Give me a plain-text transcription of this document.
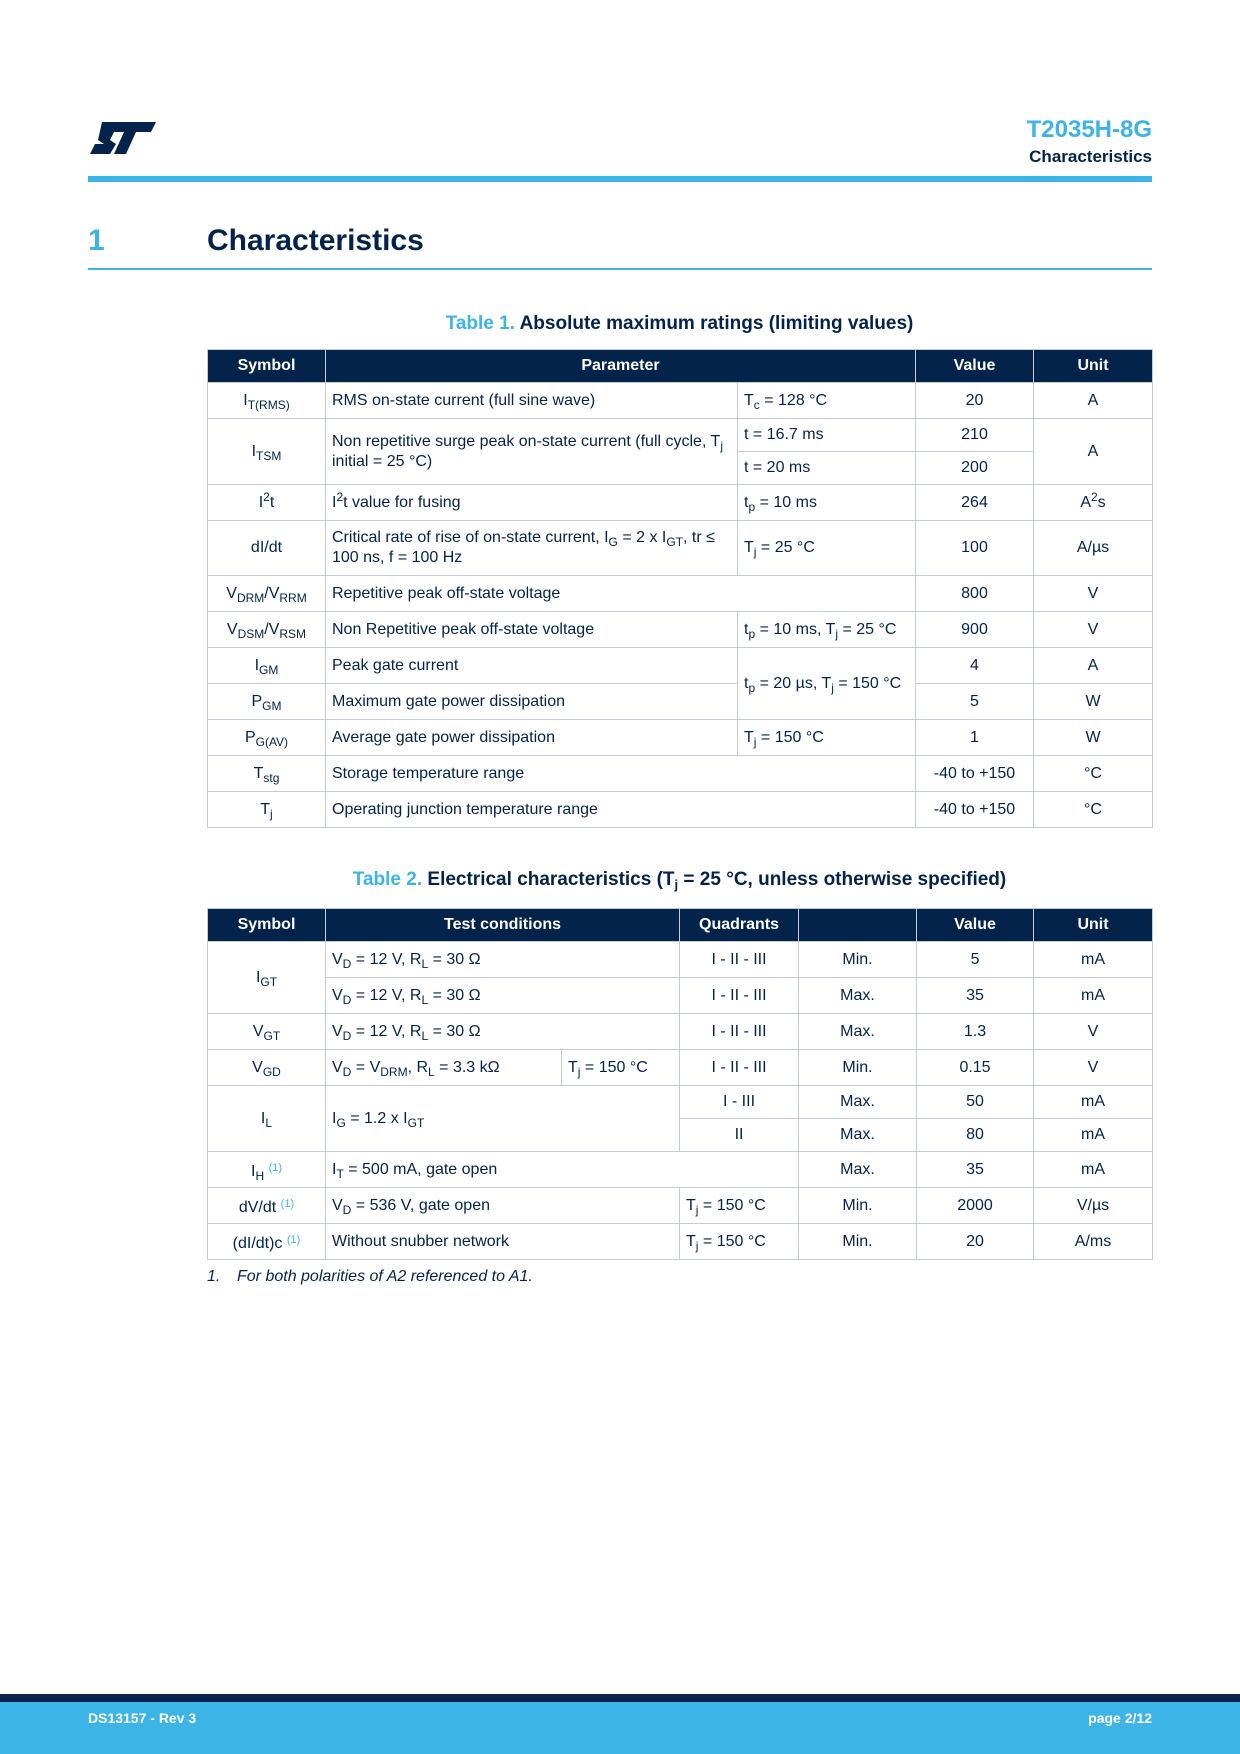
T2035H-8G
Characteristics
1	Characteristics
Table 1. Absolute maximum ratings (limiting values)
Symbol	Parameter		Value	Unit
$I_{T(RMS)}$	RMS on-state current (full sine wave)	$T_c = 128$ °C	20	A
$I_{TSM}$	Non repetitive surge peak on-state current (full cycle, $T_j$ initial = 25 °C)	t = 16.7 ms	210	A
		t = 20 ms	200	
$I^2t$	$I^2t$ value for fusing	$t_p = 10$ ms	264	$A^2s$
dI/dt	Critical rate of rise of on-state current, $I_G = 2$ x $I_{GT}$, tr ≤ 100 ns, f = 100 Hz	$T_j = 25$ °C	100	A/µs
$V_{DRM}/V_{RRM}$	Repetitive peak off-state voltage		800	V
$V_{DSM}/V_{RSM}$	Non Repetitive peak off-state voltage	$t_p = 10$ ms, $T_j = 25$ °C	900	V
$I_{GM}$	Peak gate current	$t_p = 20$ µs, $T_j = 150$ °C	4	A
$P_{GM}$	Maximum gate power dissipation		5	W
$P_{G(AV)}$	Average gate power dissipation	$T_j = 150$ °C	1	W
$T_{stg}$	Storage temperature range		-40 to +150	°C
$T_j$	Operating junction temperature range		-40 to +150	°C
Table 2. Electrical characteristics ($T_j = 25$ °C, unless otherwise specified)
Symbol	Test conditions		Quadrants		Value	Unit
$I_{GT}$	$V_D = 12$ V, $R_L = 30$ Ω		I - II - III	Min.	5	mA
	$V_D = 12$ V, $R_L = 30$ Ω		I - II - III	Max.	35	mA
$V_{GT}$	$V_D = 12$ V, $R_L = 30$ Ω		I - II - III	Max.	1.3	V
$V_{GD}$	$V_D = V_{DRM}$, $R_L = 3.3$ kΩ	$T_j = 150$ °C	I - II - III	Min.	0.15	V
$I_L$	$I_G = 1.2$ x $I_{GT}$		I - III	Max.	50	mA
			II	Max.	80	mA
$I_H$ $^{(1)}$	$I_T = 500$ mA, gate open			Max.	35	mA
dV/dt $^{(1)}$	$V_D = 536$ V, gate open		$T_j = 150$ °C	Min.	2000	V/µs
(dI/dt)c $^{(1)}$	Without snubber network		$T_j = 150$ °C	Min.	20	A/ms
1. For both polarities of A2 referenced to A1.
DS13157 - Rev 3	page 2/12
